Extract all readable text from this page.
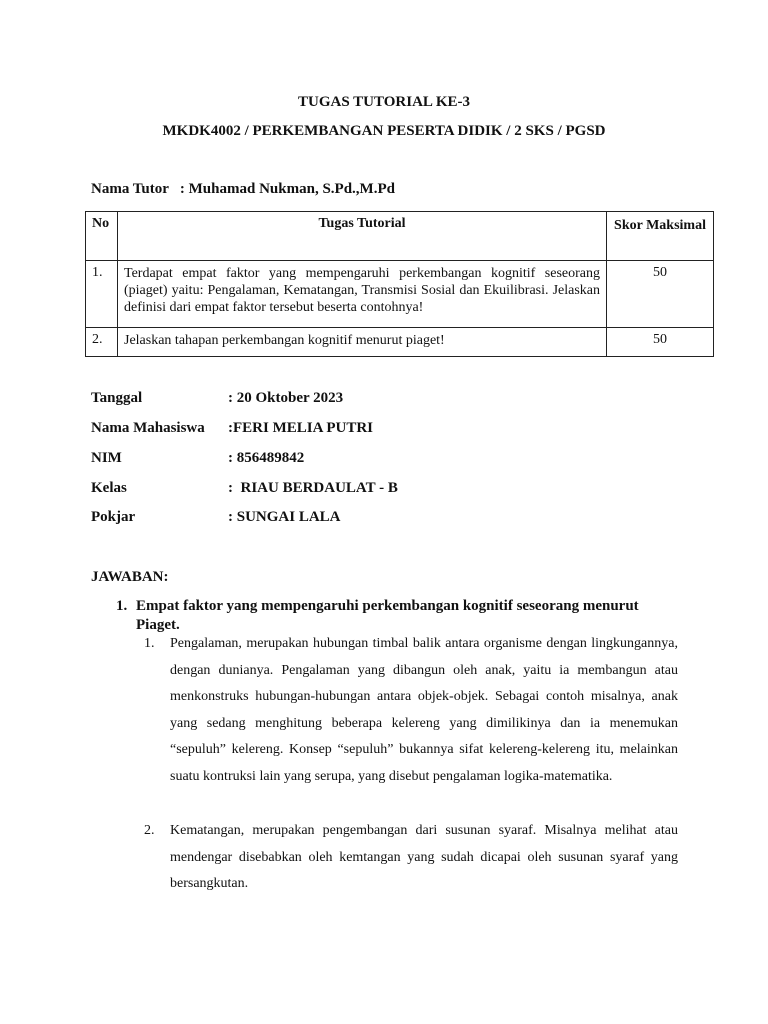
TUGAS TUTORIAL KE-3
MKDK4002 / PERKEMBANGAN PESERTA DIDIK / 2 SKS / PGSD
Nama Tutor   : Muhamad Nukman, S.Pd.,M.Pd
No	Tugas Tutorial	Skor Maksimal
1.	Terdapat empat faktor yang mempengaruhi perkembangan kognitif seseorang (piaget) yaitu: Pengalaman, Kematangan, Transmisi Sosial dan Ekuilibrasi. Jelaskan definisi dari empat faktor tersebut beserta contohnya!	50
2.	Jelaskan tahapan perkembangan kognitif menurut piaget!	50
Tanggal	: 20 Oktober 2023
Nama Mahasiswa :FERI MELIA PUTRI
NIM	: 856489842
Kelas	:  RIAU BERDAULAT - B
Pokjar	: SUNGAI LALA
JAWABAN:
1. Empat faktor yang mempengaruhi perkembangan kognitif seseorang menurut Piaget.
1.	Pengalaman, merupakan hubungan timbal balik antara organisme dengan lingkungannya, dengan dunianya. Pengalaman yang dibangun oleh anak, yaitu ia membangun atau menkonstruks hubungan-hubungan antara objek-objek. Sebagai contoh misalnya, anak yang sedang menghitung beberapa kelereng yang dimilikinya dan ia menemukan “sepuluh” kelereng. Konsep “sepuluh” bukannya sifat kelereng-kelereng itu, melainkan suatu kontruksi lain yang serupa, yang disebut pengalaman logika-matematika.
2.	Kematangan, merupakan pengembangan dari susunan syaraf. Misalnya melihat atau mendengar disebabkan oleh kemtangan yang sudah dicapai oleh susunan syaraf yang bersangkutan.
